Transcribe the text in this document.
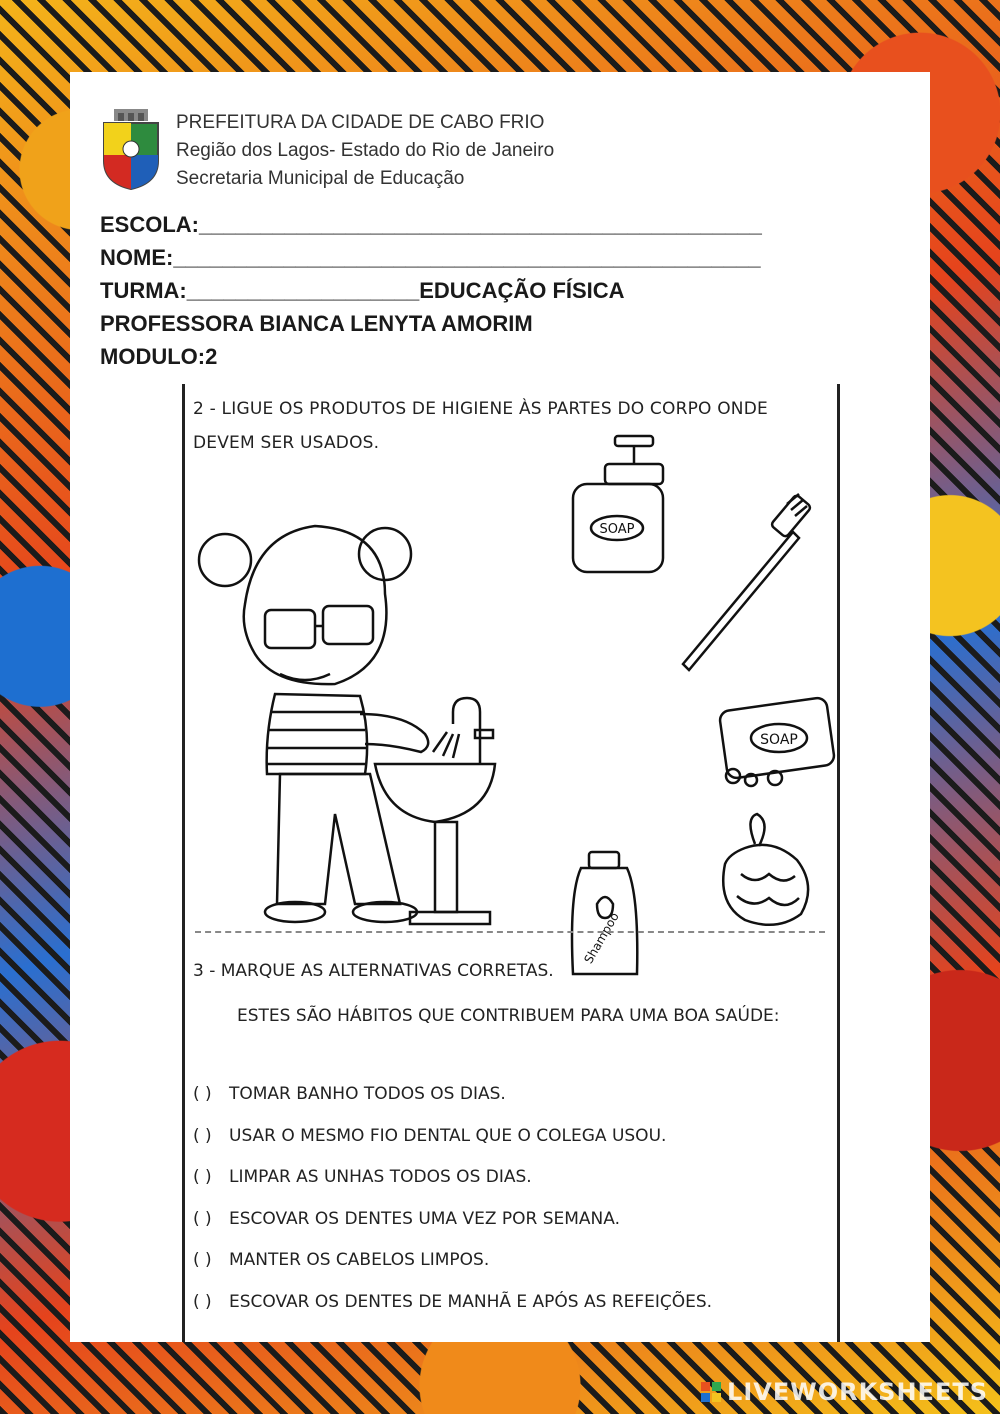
PREFEITURA DA CIDADE DE CABO FRIO
Região dos Lagos- Estado do Rio de Janeiro
Secretaria Municipal de Educação
ESCOLA:______________________________________________
NOME:________________________________________________
TURMA:___________________EDUCAÇÃO FÍSICA
PROFESSORA BIANCA LENYTA AMORIM
MODULO:2
2 - LIGUE OS PRODUTOS DE HIGIENE ÀS PARTES DO CORPO ONDE DEVEM SER USADOS.
SOAP
SOAP
Shampoo
3 - MARQUE AS ALTERNATIVAS CORRETAS.
ESTES SÃO HÁBITOS QUE CONTRIBUEM PARA UMA BOA SAÚDE:
( ) TOMAR BANHO TODOS OS DIAS.
( ) USAR O MESMO FIO DENTAL QUE O COLEGA USOU.
( ) LIMPAR AS UNHAS TODOS OS DIAS.
( ) ESCOVAR OS DENTES UMA VEZ POR SEMANA.
( ) MANTER OS CABELOS LIMPOS.
( ) ESCOVAR OS DENTES DE MANHÃ E APÓS AS REFEIÇÕES.
LIVEWORKSHEETS
